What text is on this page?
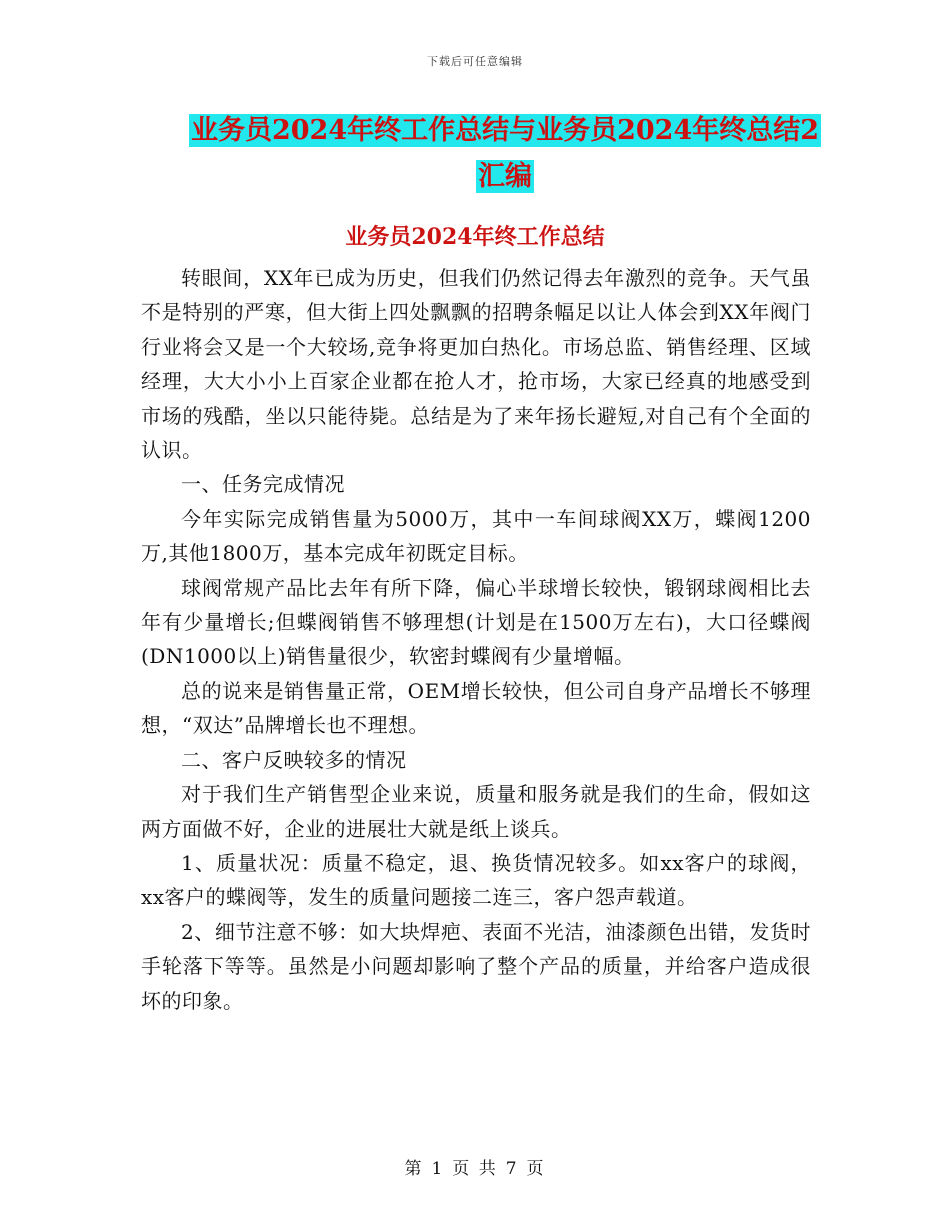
下载后可任意编辑
业务员2024年终工作总结与业务员2024年终总结2
汇编
业务员2024年终工作总结

转眼间，XX年已成为历史，但我们仍然记得去年激烈的竞争。天气虽不是特别的严寒，但大街上四处飘飘的招聘条幅足以让人体会到XX年阀门行业将会又是一个大较场,竞争将更加白热化。市场总监、销售经理、区域经理，大大小小上百家企业都在抢人才，抢市场，大家已经真的地感受到市场的残酷，坐以只能待毙。总结是为了来年扬长避短,对自己有个全面的认识。

一、任务完成情况

今年实际完成销售量为5000万，其中一车间球阀XX万，蝶阀1200万,其他1800万，基本完成年初既定目标。

球阀常规产品比去年有所下降，偏心半球增长较快，锻钢球阀相比去年有少量增长;但蝶阀销售不够理想(计划是在1500万左右)，大口径蝶阀(DN1000以上)销售量很少，软密封蝶阀有少量增幅。

总的说来是销售量正常，OEM增长较快，但公司自身产品增长不够理想，“双达”品牌增长也不理想。

二、客户反映较多的情况

对于我们生产销售型企业来说，质量和服务就是我们的生命，假如这两方面做不好，企业的进展壮大就是纸上谈兵。

1、质量状况：质量不稳定，退、换货情况较多。如xx客户的球阀，xx客户的蝶阀等，发生的质量问题接二连三，客户怨声载道。

2、细节注意不够：如大块焊疤、表面不光洁，油漆颜色出错，发货时手轮落下等等。虽然是小问题却影响了整个产品的质量，并给客户造成很坏的印象。

第 1 页 共 7 页
